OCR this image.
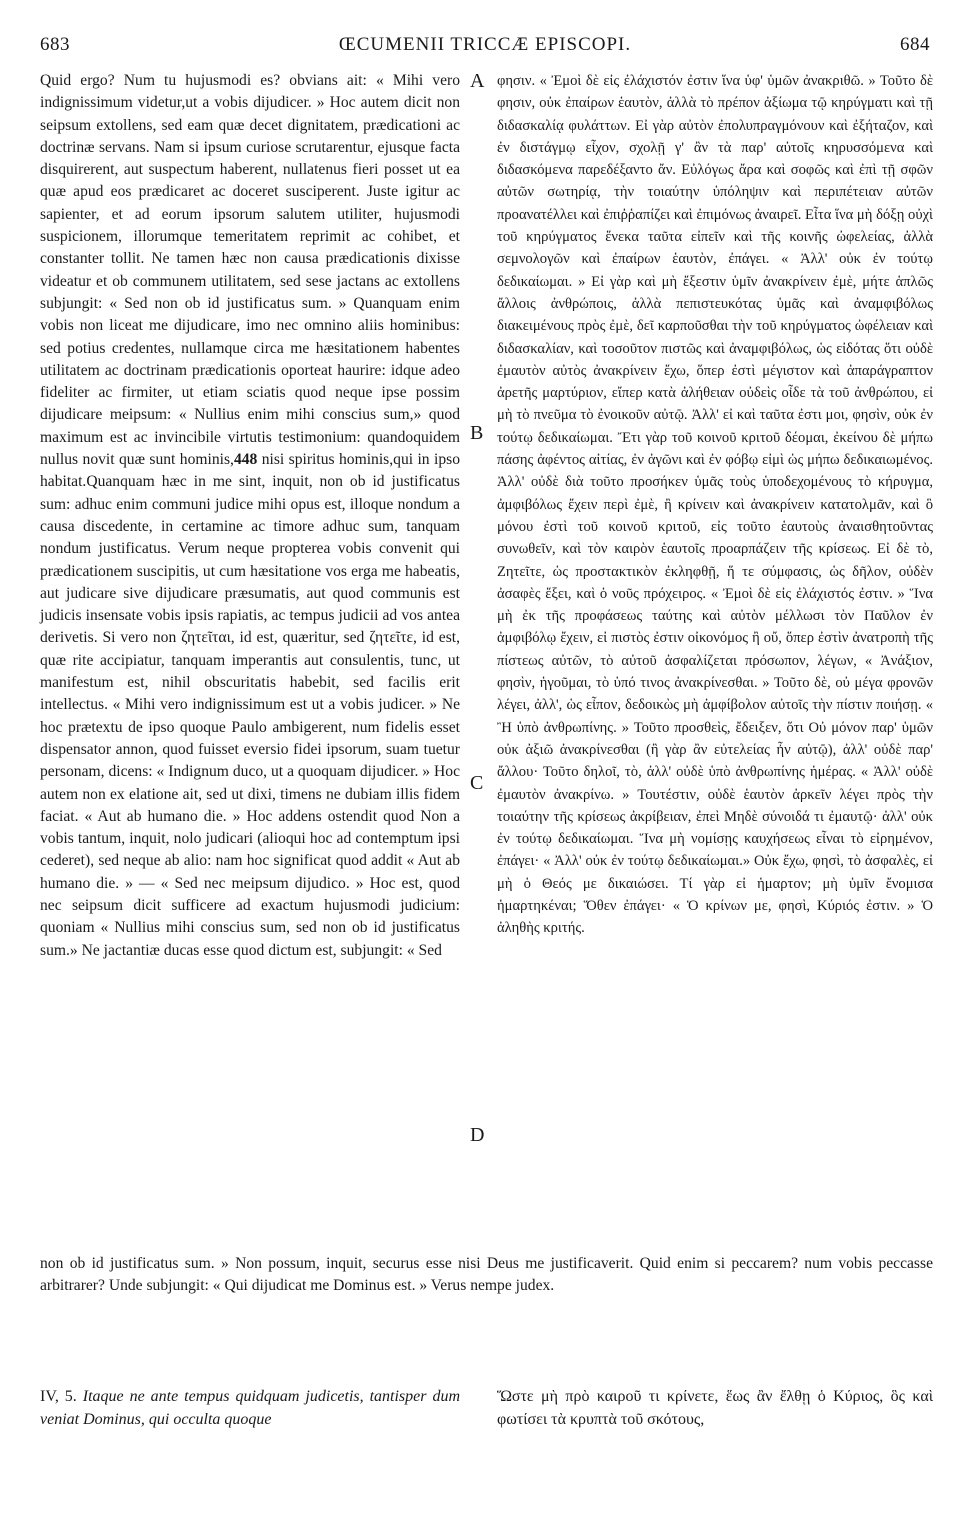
683	ŒCUMENII TRICCÆ EPISCOPI.	684

Quid ergo? Num tu hujusmodi es? obvians ait: « Mihi vero indignissimum videtur,ut a vobis dijudicer. » Hoc autem dicit non seipsum extollens, sed eam quæ decet dignitatem, prædicationi ac doctrinæ servans. Nam si ipsum curiose scrutarentur, ejusque facta disquirerent, aut suspectum haberent, nullatenus fieri posset ut ea quæ apud eos prædicaret ac doceret susciperent. Juste igitur ac sapienter, et ad eorum ipsorum salutem utiliter, hujusmodi suspicionem, illorumque temeritatem reprimit ac cohibet, et constanter tollit. Ne tamen hæc non causa prædicationis dixisse videatur et ob communem utilitatem, sed sese jactans ac extollens subjungit: « Sed non ob id justificatus sum. » Quanquam enim vobis non liceat me dijudicare, imo nec omnino aliis hominibus: sed potius credentes, nullamque circa me hæsitationem habentes utilitatem ac doctrinam prædicationis oporteat haurire: idque adeo fideliter ac firmiter, ut etiam sciatis quod neque ipse possim dijudicare meipsum: « Nullius enim mihi conscius sum,» quod maximum est ac invincibile virtutis testimonium: quandoquidem nullus novit quæ sunt hominis,448 nisi spiritus hominis,qui in ipso habitat.Quanquam hæc in me sint, inquit, non ob id justificatus sum: adhuc enim communi judice mihi opus est, illoque nondum a causa discedente, in certamine ac timore adhuc sum, tanquam nondum justificatus. Verum neque propterea vobis convenit qui prædicationem suscipitis, ut cum hæsitatione vos erga me habeatis, aut judicare sive dijudicare præsumatis, aut quod communis est judicis insensate vobis ipsis rapiatis, ac tempus judicii ad vos antea derivetis. Si vero non ζητεῖται, id est, quæritur, sed ζητεῖτε, id est, quæ rite accipiatur, tanquam imperantis aut consulentis, tunc, ut manifestum est, nihil obscuritatis habebit, sed facilis erit intellectus. « Mihi vero indignissimum est ut a vobis judicer. » Ne hoc prætextu de ipso quoque Paulo ambigerent, num fidelis esset dispensator annon, quod fuisset eversio fidei ipsorum, suam tuetur personam, dicens: « Indignum duco, ut a quoquam dijudicer. » Hoc autem non ex elatione ait, sed ut dixi, timens ne dubiam illis fidem faciat. « Aut ab humano die. » Hoc addens ostendit quod Non a vobis tantum, inquit, nolo judicari (alioqui hoc ad contemptum ipsi cederet), sed neque ab alio: nam hoc significat quod addit « Aut ab humano die. » — « Sed nec meipsum dijudico. » Hoc est, quod nec seipsum dicit sufficere ad exactum hujusmodi judicium: quoniam « Nullius mihi conscius sum, sed non ob id justificatus sum.» Ne jactantiæ ducas esse quod dictum est, subjungit: « Sed

A
B
C
D

φησιν. « Ἐμοὶ δὲ εἰς ἐλάχιστόν ἐστιν ἵνα ὑφ' ὑμῶν ἀνακριθῶ. » Τοῦτο δὲ φησιν, οὐκ ἐπαίρων ἑαυτὸν, ἀλλὰ τὸ πρέπον ἀξίωμα τῷ κηρύγματι καὶ τῇ διδασκαλίᾳ φυλάττων. Εἰ γὰρ αὐτὸν ἐπολυπραγμόνουν καὶ ἐξήταζον, καὶ ἐν διστάγμῳ εἶχον, σχολῇ γ' ἂν τὰ παρ' αὐτοῖς κηρυσσόμενα καὶ διδασκόμενα παρεδέξαντο ἄν. Εὐλόγως ἄρα καὶ σοφῶς καὶ ἐπὶ τῇ σφῶν αὐτῶν σωτηρίᾳ, τὴν τοιαύτην ὑπόληψιν καὶ περιπέτειαν αὐτῶν προανατέλλει καὶ ἐπιῤῥαπίζει καὶ ἐπιμόνως ἀναιρεῖ. Εἶτα ἵνα μὴ δόξῃ οὐχὶ τοῦ κηρύγματος ἕνεκα ταῦτα εἰπεῖν καὶ τῆς κοινῆς ὠφελείας, ἀλλὰ σεμνολογῶν καὶ ἐπαίρων ἑαυτὸν, ἐπάγει. « Ἀλλ' οὐκ ἐν τούτῳ δεδικαίωμαι. » Εἰ γὰρ καὶ μὴ ἔξεστιν ὑμῖν ἀνακρίνειν ἐμὲ, μήτε ἁπλῶς ἄλλοις ἀνθρώποις, ἀλλὰ πεπιστευκότας ὑμᾶς καὶ ἀναμφιβόλως διακειμένους πρὸς ἐμὲ, δεῖ καρποῦσθαι τὴν τοῦ κηρύγματος ὠφέλειαν καὶ διδασκαλίαν, καὶ τοσοῦτον πιστῶς καὶ ἀναμφιβόλως, ὡς εἰδότας ὅτι οὐδὲ ἐμαυτὸν αὐτὸς ἀνακρίνειν ἔχω, ὅπερ ἐστὶ μέγιστον καὶ ἀπαράγραπτον ἀρετῆς μαρτύριον, εἴπερ κατὰ ἀλήθειαν οὐδεὶς οἶδε τὰ τοῦ ἀνθρώπου, εἰ μὴ τὸ πνεῦμα τὸ ἐνοικοῦν αὐτῷ. Ἀλλ' εἰ καὶ ταῦτα ἐστι μοι, φησὶν, οὐκ ἐν τούτῳ δεδικαίωμαι. Ἔτι γὰρ τοῦ κοινοῦ κριτοῦ δέομαι, ἐκείνου δὲ μήπω πάσης ἀφέντος αἰτίας, ἐν ἀγῶνι καὶ ἐν φόβῳ εἰμὶ ὡς μήπω δεδικαιωμένος. Ἀλλ' οὐδὲ διὰ τοῦτο προσήκεν ὑμᾶς τοὺς ὑποδεχομένους τὸ κήρυγμα, ἀμφιβόλως ἔχειν περὶ ἐμὲ, ἢ κρίνειν καὶ ἀνακρίνειν κατατολμᾶν, καὶ ὃ μόνου ἐστὶ τοῦ κοινοῦ κριτοῦ, εἰς τοῦτο ἑαυτοὺς ἀναισθητοῦντας συνωθεῖν, καὶ τὸν καιρὸν ἑαυτοῖς προαρπάζειν τῆς κρίσεως. Εἰ δὲ τὸ, Ζητεῖτε, ὡς προστακτικὸν ἐκληφθῇ, ἥ τε σύμφασις, ὡς δῆλον, οὐδὲν ἀσαφὲς ἕξει, καὶ ὁ νοῦς πρόχειρος. « Ἐμοὶ δὲ εἰς ἐλάχιστός ἐστιν. » Ἵνα μὴ ἐκ τῆς προφάσεως ταύτης καὶ αὐτὸν μέλλωσι τὸν Παῦλον ἐν ἀμφιβόλῳ ἔχειν, εἰ πιστὸς ἐστιν οἰκονόμος ἢ οὔ, ὅπερ ἐστὶν ἀνατροπὴ τῆς πίστεως αὐτῶν, τὸ αὐτοῦ ἀσφαλίζεται πρόσωπον, λέγων, « Ἀνάξιον, φησὶν, ἡγοῦμαι, τὸ ὑπό τινος ἀνακρίνεσθαι. » Τοῦτο δὲ, οὐ μέγα φρονῶν λέγει, ἀλλ', ὡς εἶπον, δεδοικὼς μὴ ἀμφίβολον αὐτοῖς τὴν πίστιν ποιήσῃ. « Ἢ ὑπὸ ἀνθρωπίνης. » Τοῦτο προσθεὶς, ἔδειξεν, ὅτι Οὐ μόνον παρ' ὑμῶν οὐκ ἀξιῶ ἀνακρίνεσθαι (ἢ γὰρ ἂν εὐτελείας ἦν αὐτῷ), ἀλλ' οὐδὲ παρ' ἄλλου· Τοῦτο δηλοῖ, τὸ, ἀλλ' οὐδὲ ὑπὸ ἀνθρωπίνης ἡμέρας. « Ἀλλ' οὐδὲ ἐμαυτὸν ἀνακρίνω. » Τουτέστιν, οὐδὲ ἑαυτὸν ἀρκεῖν λέγει πρὸς τὴν τοιαύτην τῆς κρίσεως ἀκρίβειαν, ἐπεὶ Μηδὲ σύνοιδά τι ἐμαυτῷ· ἀλλ' οὐκ ἐν τούτῳ δεδικαίωμαι. Ἵνα μὴ νομίσῃς καυχήσεως εἶναι τὸ εἰρημένον, ἐπάγει· « Ἀλλ' οὐκ ἐν τούτῳ δεδικαίωμαι.» Οὐκ ἔχω, φησὶ, τὸ ἀσφαλὲς, εἰ μὴ ὁ Θεός με δικαιώσει. Τί γὰρ εἰ ἡμαρτον; μὴ ὑμῖν ἔνομισα ἡμαρτηκέναι; Ὅθεν ἐπάγει· « Ὁ κρίνων με, φησὶ, Κύριός ἐστιν. » Ὁ ἀληθὴς κριτής.

non ob id justificatus sum. » Non possum, inquit, securus esse nisi Deus me justificaverit. Quid enim si peccarem? num vobis peccasse arbitrarer? Unde subjungit: « Qui dijudicat me Dominus est. » Verus nempe judex.

IV, 5. Itaque ne ante tempus quidquam judicetis, tantisper dum veniat Dominus, qui occulta quoque
Ὥστε μὴ πρὸ καιροῦ τι κρίνετε, ἕως ἂν ἔλθῃ ὁ Κύριος, ὃς καὶ φωτίσει τὰ κρυπτὰ τοῦ σκότους,
